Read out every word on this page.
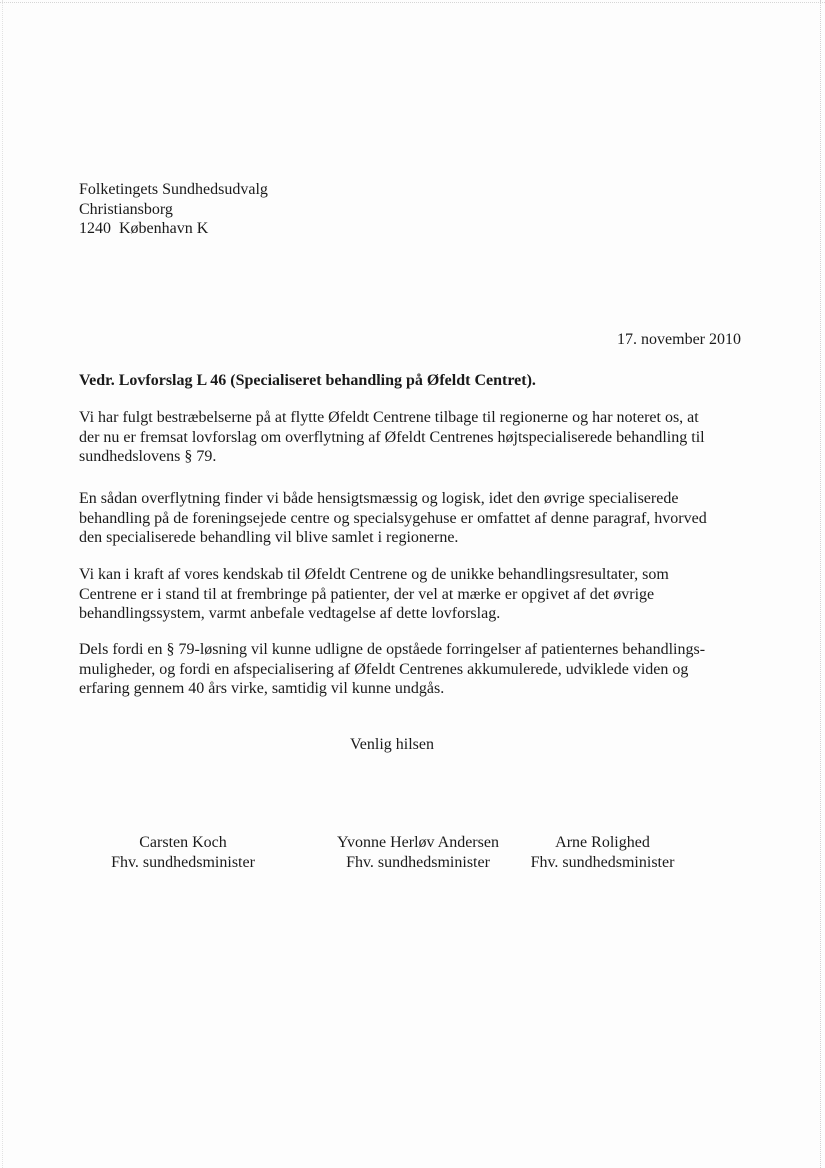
Folketingets Sundhedsudvalg
Christiansborg
1240  København K
17. november 2010
Vedr. Lovforslag L 46 (Specialiseret behandling på Øfeldt Centret).
Vi har fulgt bestræbelserne på at flytte Øfeldt Centrene tilbage til regionerne og har noteret os, at
der nu er fremsat lovforslag om overflytning af Øfeldt Centrenes højtspecialiserede behandling til
sundhedslovens § 79.
En sådan overflytning finder vi både hensigtsmæssig og logisk, idet den øvrige specialiserede
behandling på de foreningsejede centre og specialsygehuse er omfattet af denne paragraf, hvorved
den specialiserede behandling vil blive samlet i regionerne.
Vi kan i kraft af vores kendskab til Øfeldt Centrene og de unikke behandlingsresultater, som
Centrene er i stand til at frembringe på patienter, der vel at mærke er opgivet af det øvrige
behandlingssystem, varmt anbefale vedtagelse af dette lovforslag.
Dels fordi en § 79-løsning vil kunne udligne de opståede forringelser af patienternes behandlings-
muligheder, og fordi en afspecialisering af Øfeldt Centrenes akkumulerede, udviklede viden og
erfaring gennem 40 års virke, samtidig vil kunne undgås.
Venlig hilsen
Carsten Koch
Fhv. sundhedsminister
Yvonne Herløv Andersen
Fhv. sundhedsminister
Arne Rolighed
Fhv. sundhedsminister
